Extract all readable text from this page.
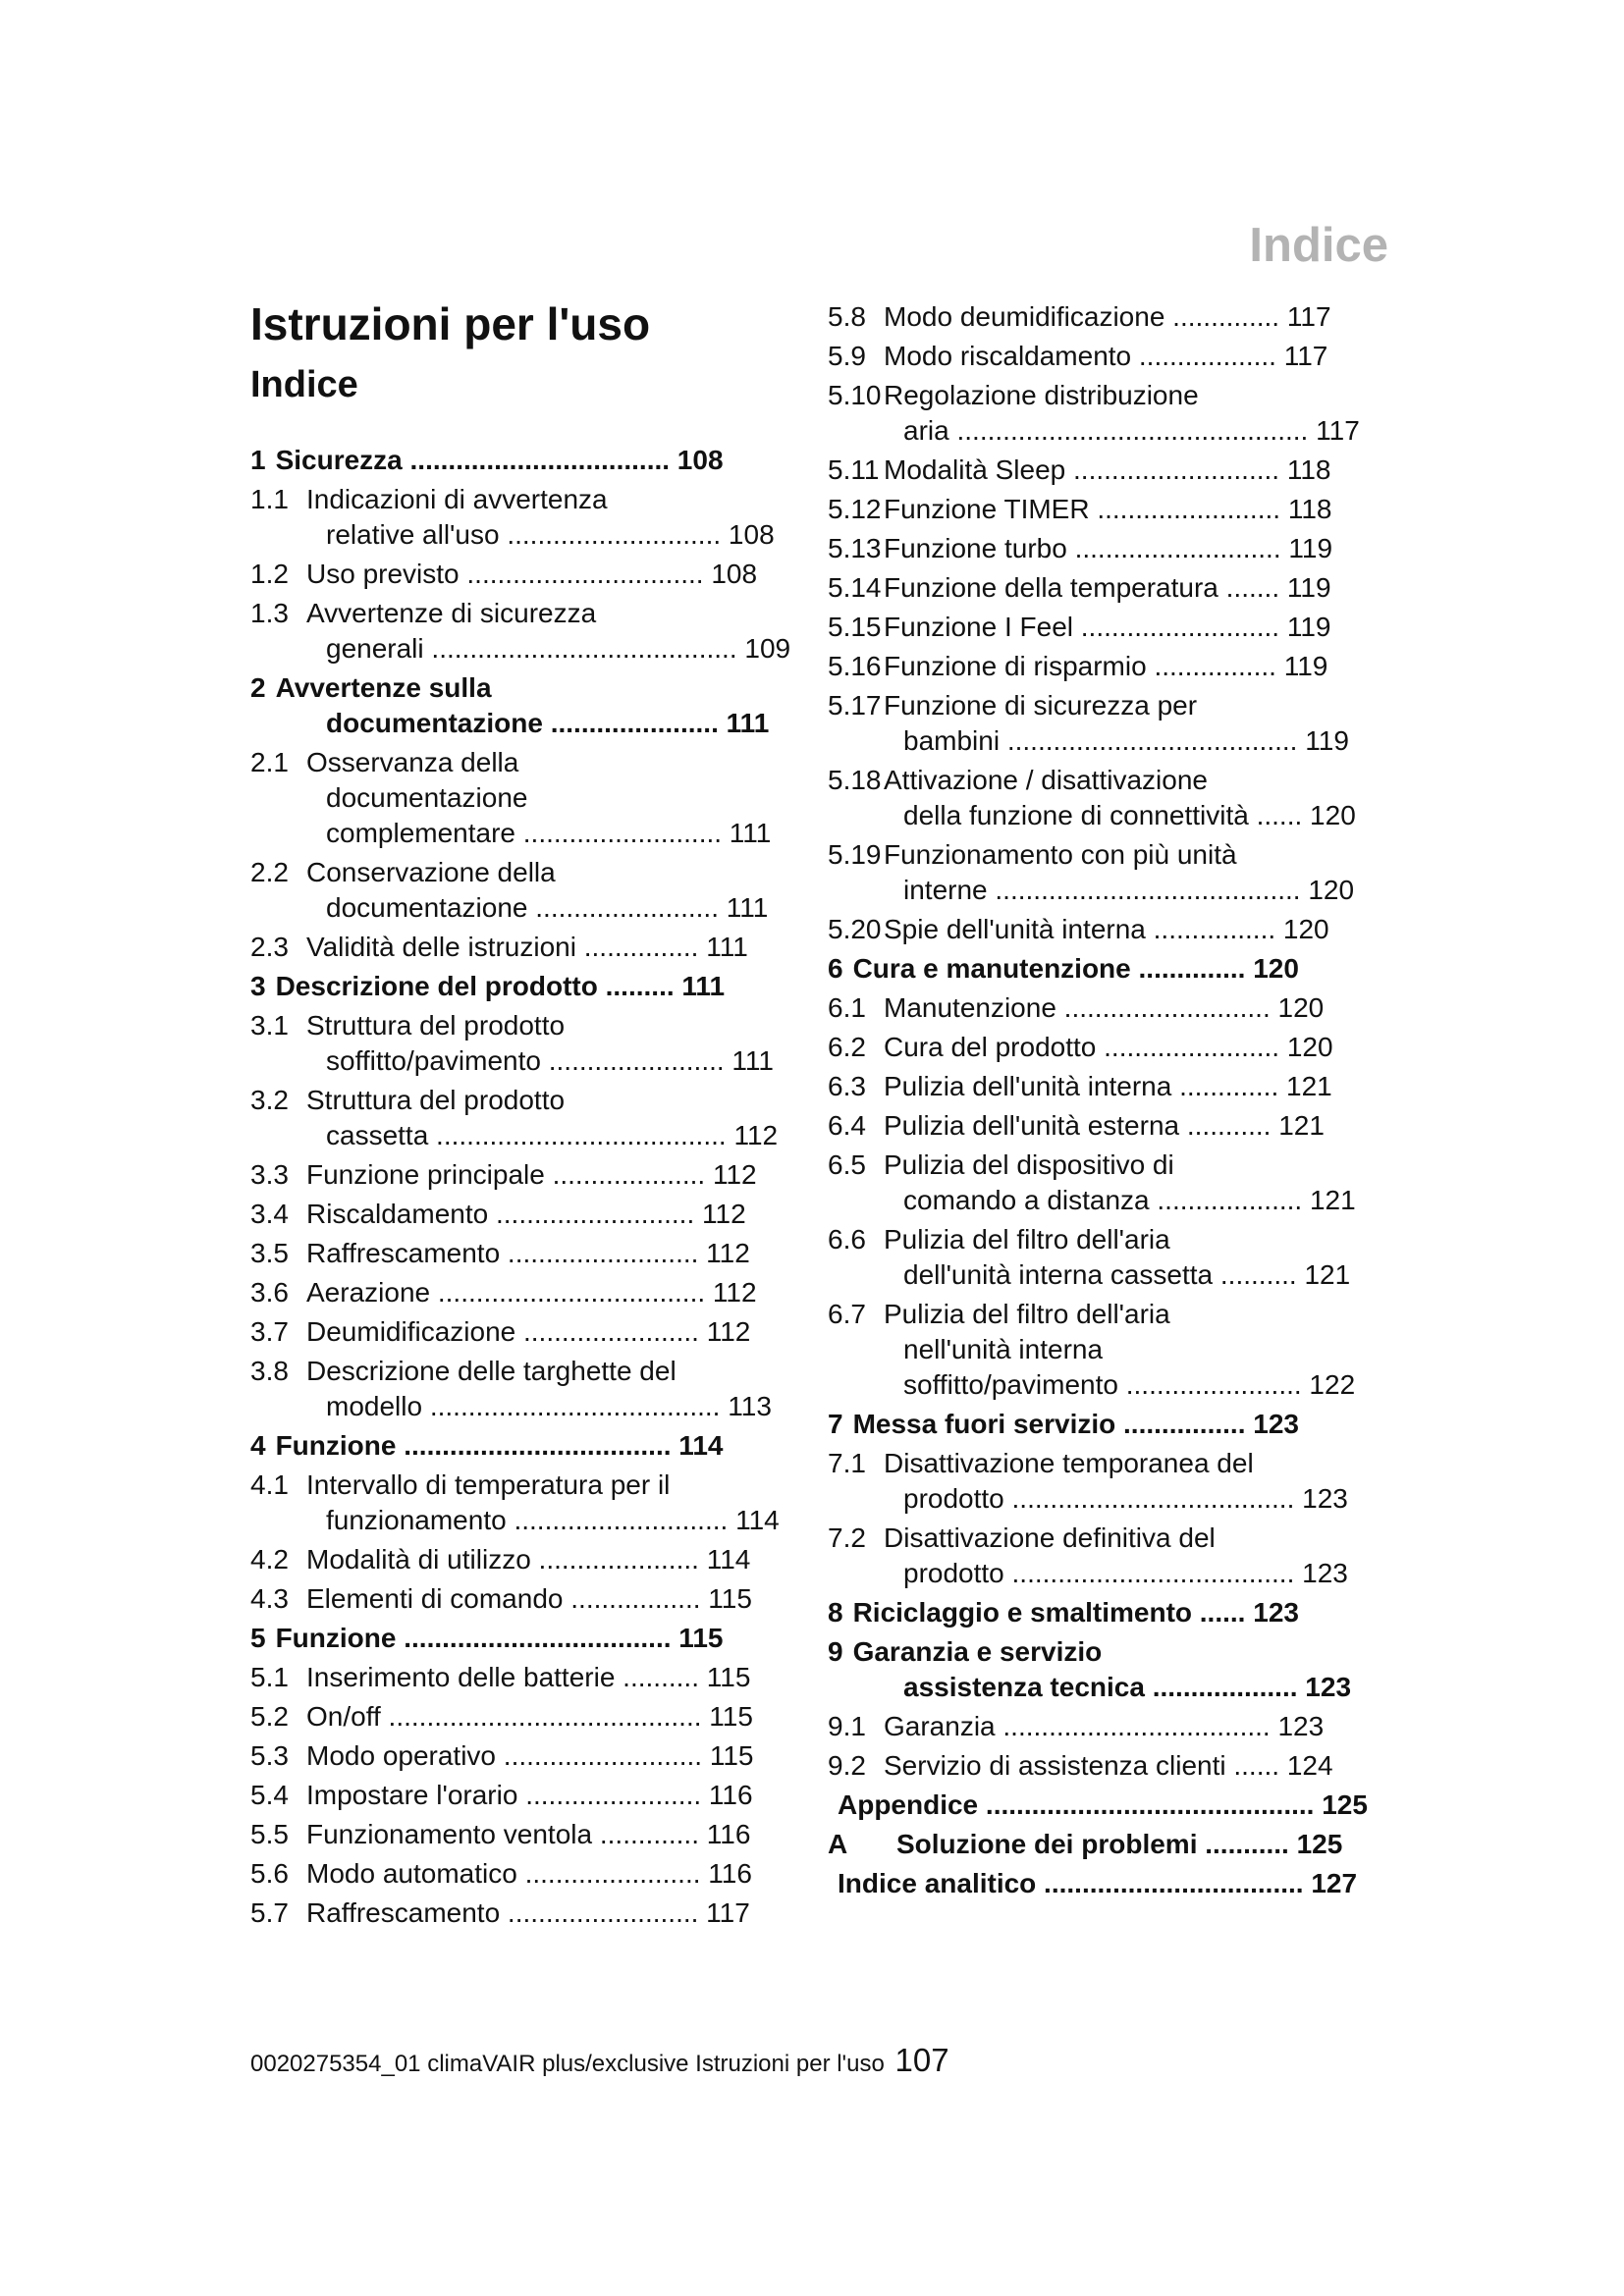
Indice
Istruzioni per l'uso
Indice
1 Sicurezza .................................. 108
1.1 Indicazioni di avvertenza
relative all'uso ............................ 108
1.2 Uso previsto ............................... 108
1.3 Avvertenze di sicurezza
generali ........................................ 109
2 Avvertenze sulla
documentazione ...................... 111
2.1 Osservanza della
documentazione
complementare .......................... 111
2.2 Conservazione della
documentazione ........................ 111
2.3 Validità delle istruzioni ............... 111
3 Descrizione del prodotto ......... 111
3.1 Struttura del prodotto
soffitto/pavimento ....................... 111
3.2 Struttura del prodotto
cassetta ...................................... 112
3.3 Funzione principale .................... 112
3.4 Riscaldamento .......................... 112
3.5 Raffrescamento ......................... 112
3.6 Aerazione ................................... 112
3.7 Deumidificazione ....................... 112
3.8 Descrizione delle targhette del
modello ...................................... 113
4 Funzione ................................... 114
4.1 Intervallo di temperatura per il
funzionamento ............................ 114
4.2 Modalità di utilizzo ..................... 114
4.3 Elementi di comando ................. 115
5 Funzione ................................... 115
5.1 Inserimento delle batterie .......... 115
5.2 On/off ......................................... 115
5.3 Modo operativo .......................... 115
5.4 Impostare l'orario ....................... 116
5.5 Funzionamento ventola ............. 116
5.6 Modo automatico ....................... 116
5.7 Raffrescamento ......................... 117
5.8 Modo deumidificazione .............. 117
5.9 Modo riscaldamento .................. 117
5.10Regolazione distribuzione
aria .............................................. 117
5.11 Modalità Sleep ........................... 118
5.12Funzione TIMER ........................ 118
5.13Funzione turbo ........................... 119
5.14Funzione della temperatura ....... 119
5.15Funzione I Feel .......................... 119
5.16Funzione di risparmio ................ 119
5.17Funzione di sicurezza per
bambini ...................................... 119
5.18Attivazione / disattivazione
della funzione di connettività ...... 120
5.19Funzionamento con più unità
interne ........................................ 120
5.20Spie dell'unità interna ................ 120
6 Cura e manutenzione .............. 120
6.1 Manutenzione ........................... 120
6.2 Cura del prodotto ....................... 120
6.3 Pulizia dell'unità interna ............. 121
6.4 Pulizia dell'unità esterna ........... 121
6.5 Pulizia del dispositivo di
comando a distanza ................... 121
6.6 Pulizia del filtro dell'aria
dell'unità interna cassetta .......... 121
6.7 Pulizia del filtro dell'aria
nell'unità interna
soffitto/pavimento ....................... 122
7 Messa fuori servizio ................ 123
7.1 Disattivazione temporanea del
prodotto ..................................... 123
7.2 Disattivazione definitiva del
prodotto ..................................... 123
8 Riciclaggio e smaltimento ...... 123
9 Garanzia e servizio
assistenza tecnica ................... 123
9.1 Garanzia ................................... 123
9.2 Servizio di assistenza clienti ...... 124
Appendice ........................................... 125
A Soluzione dei problemi ........... 125
Indice analitico .................................. 127
0020275354_01 climaVAIR plus/exclusive Istruzioni per l'uso 107
